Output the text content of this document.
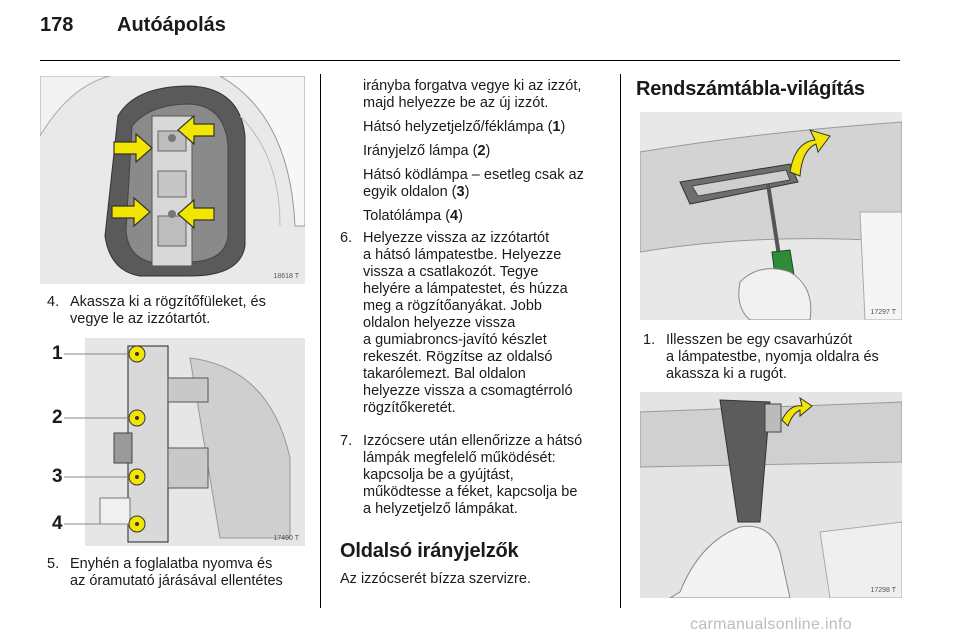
178 Autóápolás
18618 T
4. Akassza ki a rögzítőfüleket, és
vegye le az izzótartót.
1
2
3
4
17490 T
5. Enyhén a foglalatba nyomva és
az óramutató járásával ellentétes
irányba forgatva vegye ki az izzót,
majd helyezze be az új izzót.
Hátsó helyzetjelző/féklámpa (1)
Irányjelző lámpa (2)
Hátsó ködlámpa – esetleg csak az
egyik oldalon (3)
Tolatólámpa (4)
6. Helyezze vissza az izzótartót
a hátsó lámpatestbe. Helyezze
vissza a csatlakozót. Tegye
helyére a lámpatestet, és húzza
meg a rögzítőanyákat. Jobb
oldalon helyezze vissza
a gumiabroncs-javító készlet
rekeszét. Rögzítse az oldalsó
takarólemezt. Bal oldalon
helyezze vissza a csomagtérroló
rögzítőkeretét.
7. Izzócsere után ellenőrizze a hátsó
lámpák megfelelő működését:
kapcsolja be a gyújtást,
működtesse a féket, kapcsolja be
a helyzetjelző lámpákat.
Oldalsó irányjelzők
Az izzócserét bízza szervizre.
Rendszámtábla-világítás
17297 T
1. Illesszen be egy csavarhúzót
a lámpatestbe, nyomja oldalra és
akassza ki a rugót.
17298 T
carmanualsonline.info
